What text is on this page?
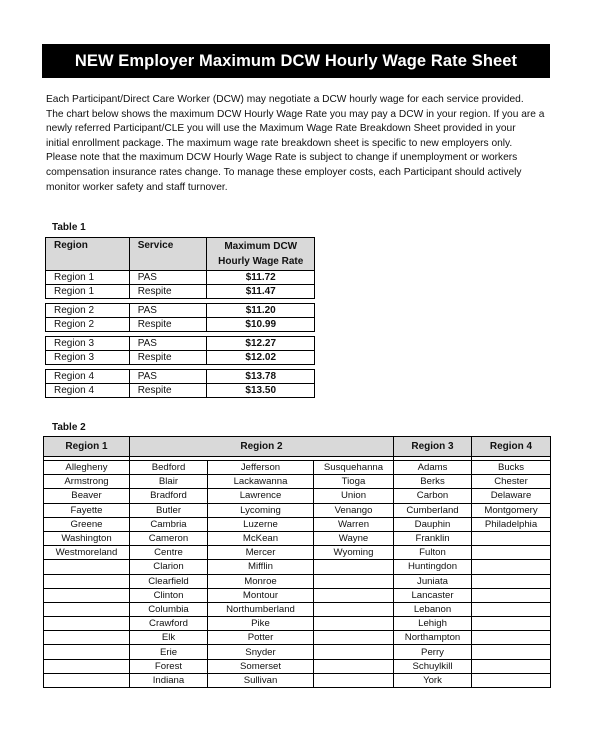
NEW Employer Maximum DCW Hourly Wage Rate Sheet

Each Participant/Direct Care Worker (DCW) may negotiate a DCW hourly wage for each service provided.

The chart below shows the maximum DCW Hourly Wage Rate you may pay a DCW in your region. If you are a

newly referred Participant/CLE you will use the Maximum Wage Rate Breakdown Sheet provided in your

initial enrollment package. The maximum wage rate breakdown sheet is specific to new employers only.

Please note that the maximum DCW Hourly Wage Rate is subject to change if unemployment or workers

compensation insurance rates change. To manage these employer costs, each Participant should actively

monitor worker safety and staff turnover.

Table 1
Region	Service	Maximum DCW
Hourly Wage Rate

Region 1	PAS	$11.72
Region 1	Respite	$11.47

Region 2	PAS	$11.20
Region 2	Respite	$10.99

Region 3	PAS	$12.27
Region 3	Respite	$12.02

Region 4	PAS	$13.78
Region 4	Respite	$13.50
Table 2
Region 1	Region 2			Region 3	Region 4

Allegheny	Bedford	Jefferson	Susquehanna	Adams	Bucks
Armstrong	Blair	Lackawanna	Tioga	Berks	Chester
Beaver	Bradford	Lawrence	Union	Carbon	Delaware
Fayette	Butler	Lycoming	Venango	Cumberland	Montgomery
Greene	Cambria	Luzerne	Warren	Dauphin	Philadelphia
Washington	Cameron	McKean	Wayne	Franklin	
Westmoreland	Centre	Mercer	Wyoming	Fulton	
	Clarion	Mifflin		Huntingdon	
	Clearfield	Monroe		Juniata	
	Clinton	Montour		Lancaster	
	Columbia	Northumberland		Lebanon	
	Crawford	Pike		Lehigh	
	Elk	Potter		Northampton	
	Erie	Snyder		Perry	
	Forest	Somerset		Schuylkill	
	Indiana	Sullivan		York	
